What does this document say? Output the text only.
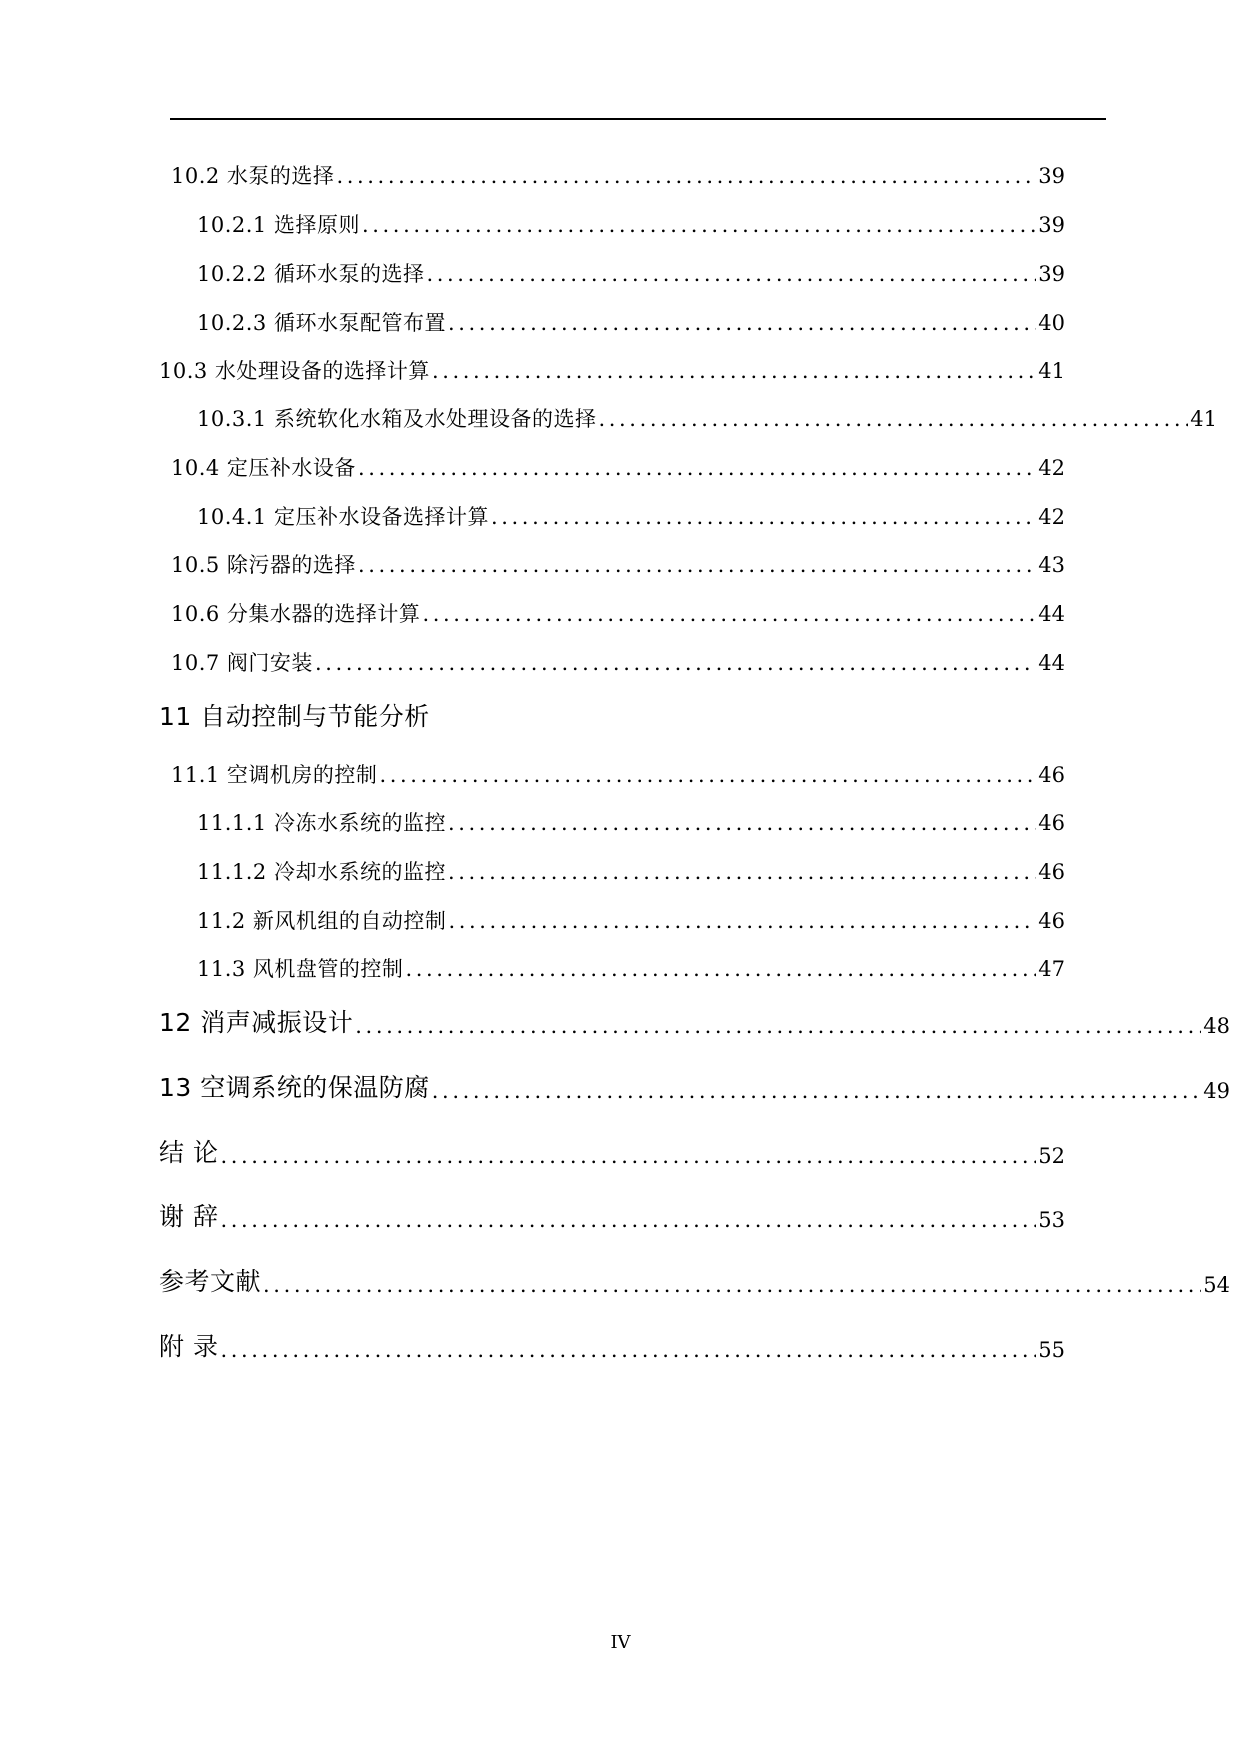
10.2 水泵的选择 .....	39
10.2.1 选择原则 .....	39
10.2.2 循环水泵的选择 .....	39
10.2.3 循环水泵配管布置 .....	40
10.3 水处理设备的选择计算 .....	41
10.3.1 系统软化水箱及水处理设备的选择 .....	41
10.4 定压补水设备 .....	42
10.4.1 定压补水设备选择计算 .....	42
10.5 除污器的选择 .....	43
10.6 分集水器的选择计算 .....	44
10.7 阀门安装 .....	44
11 自动控制与节能分析
11.1 空调机房的控制 .....	46
11.1.1 冷冻水系统的监控 .....	46
11.1.2 冷却水系统的监控 .....	46
11.2 新风机组的自动控制 .....	46
11.3 风机盘管的控制 .....	47
12 消声减振设计 .....	48
13 空调系统的保温防腐 .....	49
结 论 .....	52
谢 辞 .....	53
参考文献 .....	54
附 录 .....	55
IV
